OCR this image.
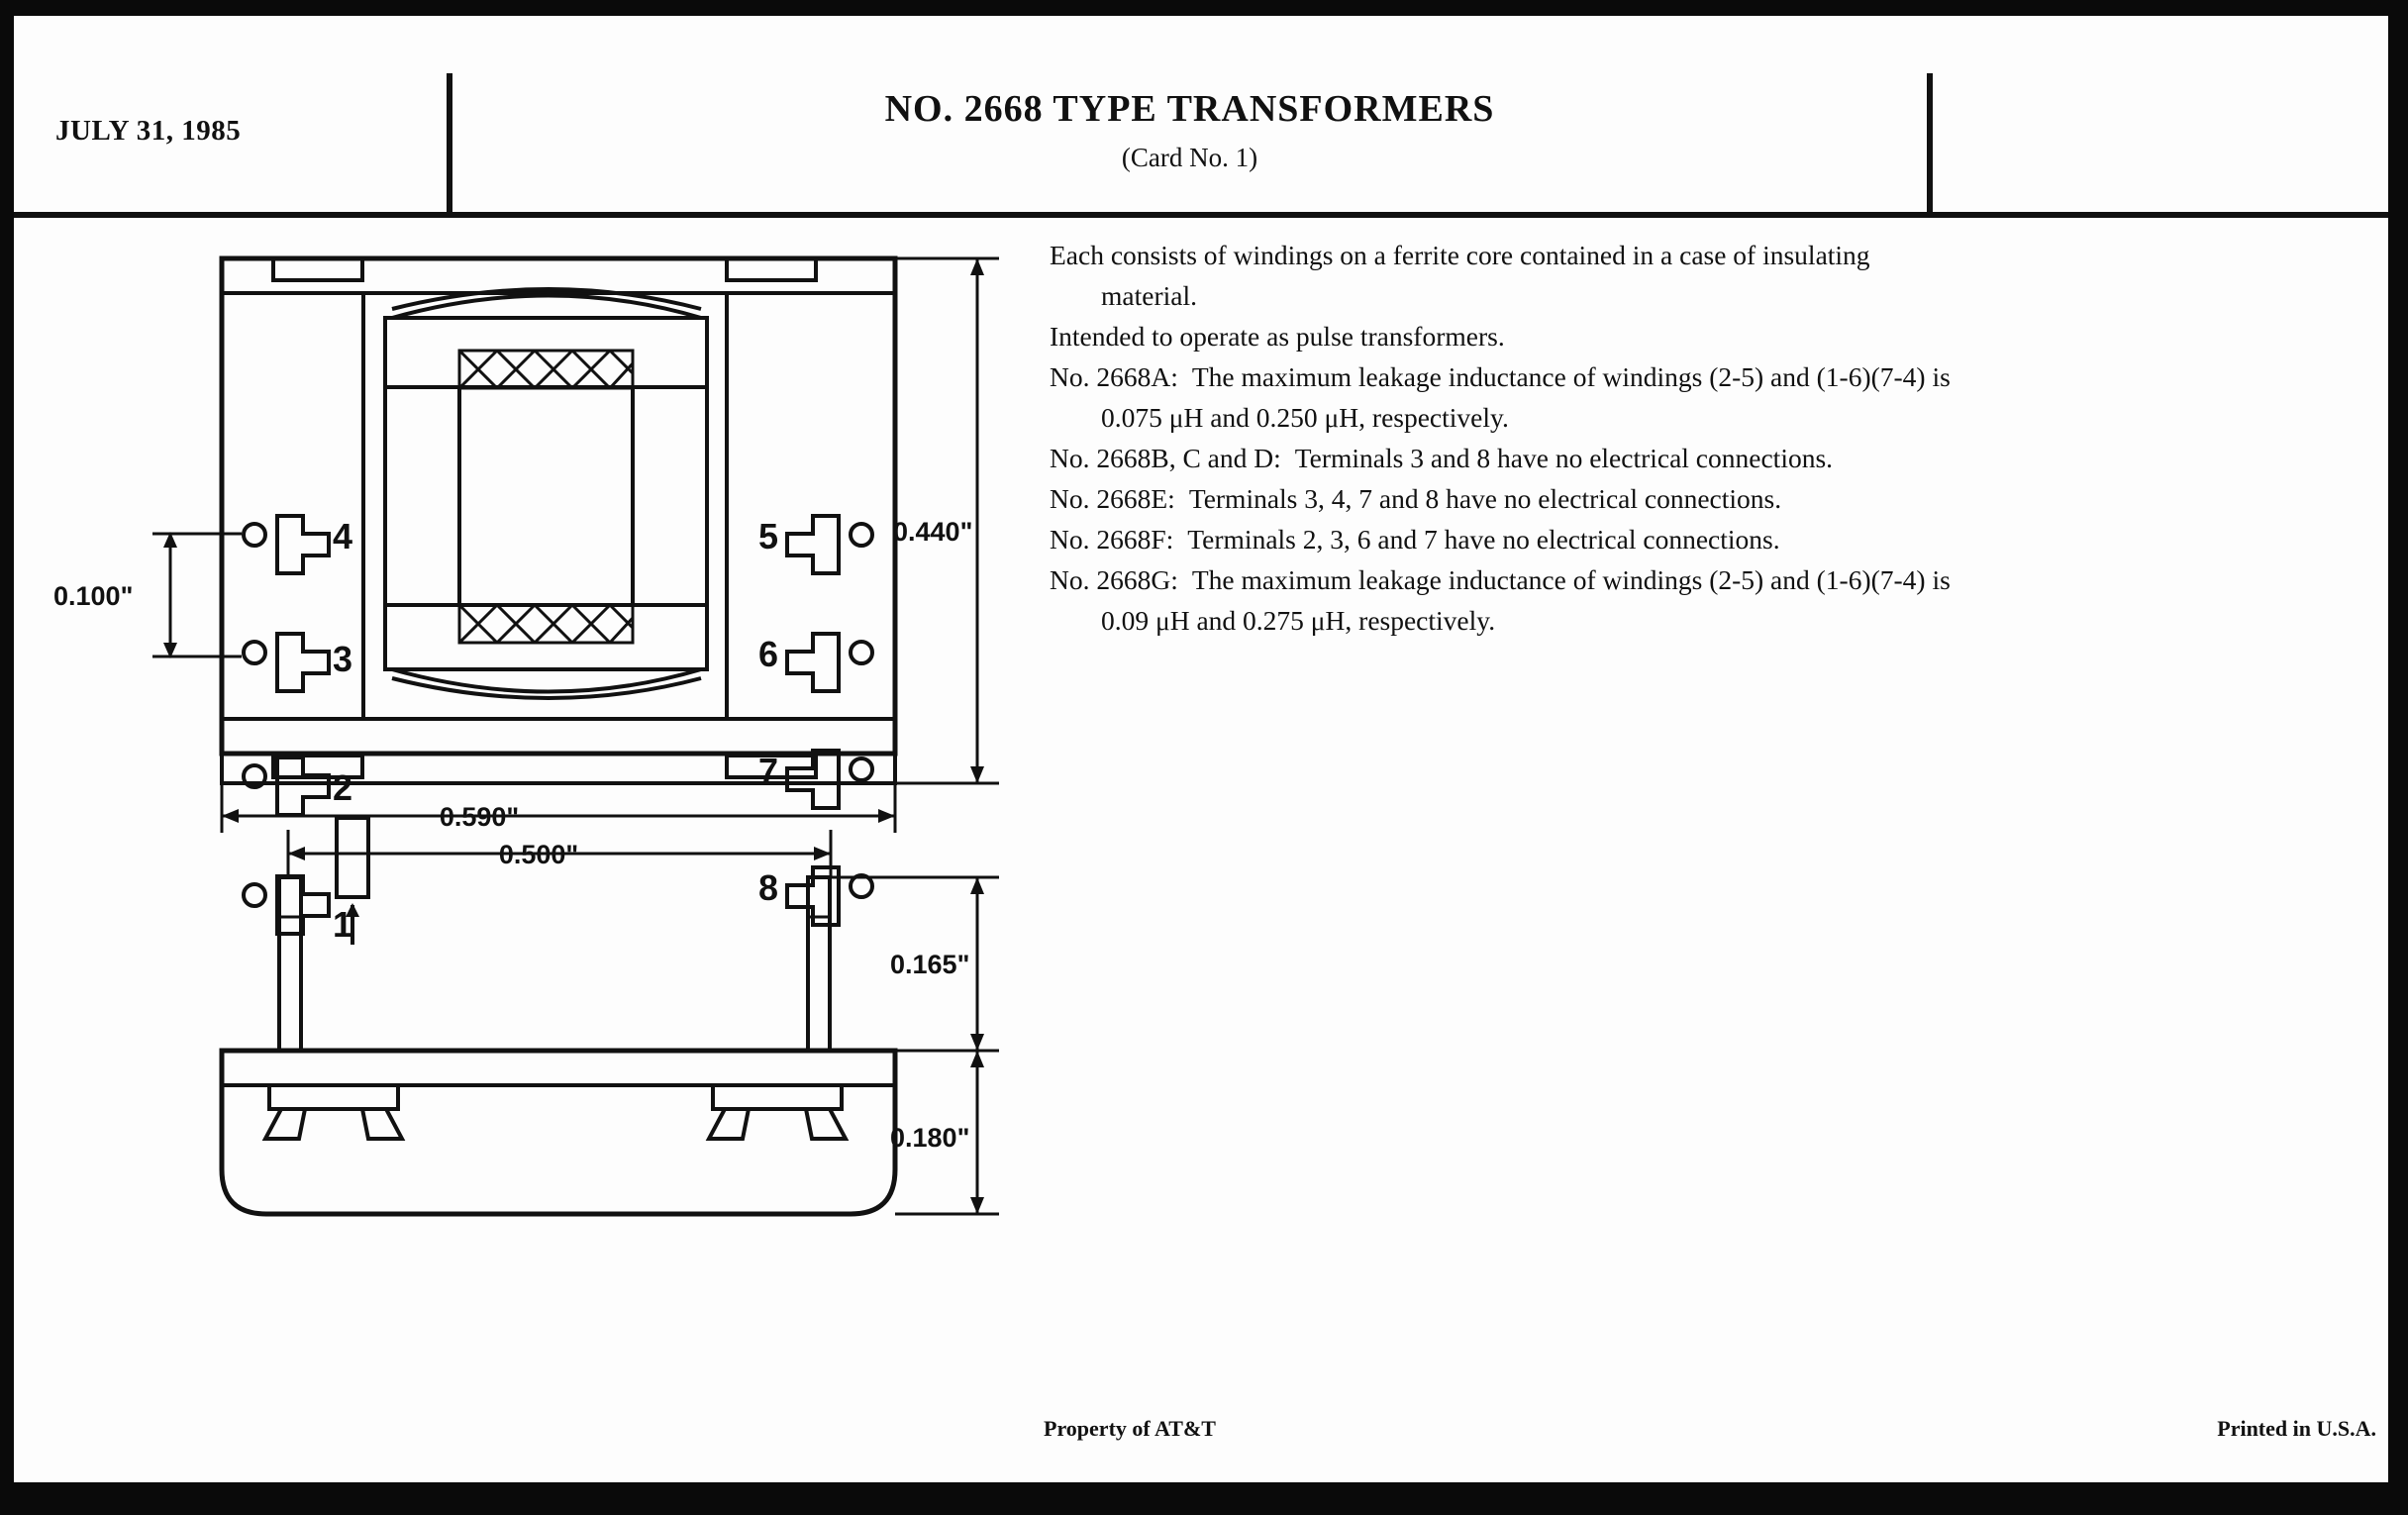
JULY 31, 1985
NO. 2668 TYPE TRANSFORMERS
(Card No. 1)
4
3
2
1
5
6
7
8
0.100"
0.440"
0.590"
0.500"
0.165"
0.180"

Each consists of windings on a ferrite core contained in a case of insulating

material.

Intended to operate as pulse transformers.

No. 2668A: The maximum leakage inductance of windings (2-5) and (1-6)(7-4) is

0.075 μH and 0.250 μH, respectively.

No. 2668B, C and D: Terminals 3 and 8 have no electrical connections.

No. 2668E: Terminals 3, 4, 7 and 8 have no electrical connections.

No. 2668F: Terminals 2, 3, 6 and 7 have no electrical connections.

No. 2668G: The maximum leakage inductance of windings (2-5) and (1-6)(7-4) is

0.09 μH and 0.275 μH, respectively.

Property of AT&T	Printed in U.S.A.
